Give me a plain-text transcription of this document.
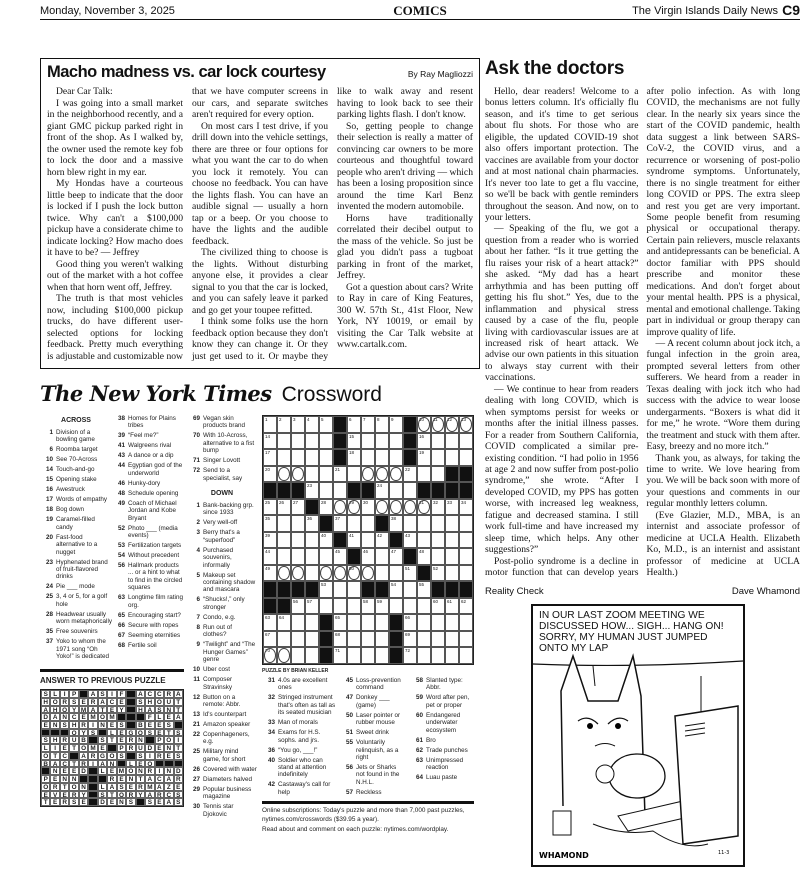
Monday, November 3, 2025	COMICS	The Virgin Islands Daily News C9
Macho madness vs. car lock courtesy	By Ray Magliozzi

Dear Car Talk:

I was going into a small market in the neighborhood recently, and a giant GMC pickup parked right in front of the shop. As I walked by, the owner used the remote key fob to lock the door and a massive horn blew right in my ear.

My Hondas have a courteous little beep to indicate that the door is locked if I push the lock button twice. Why can't a $100,000 pickup have a considerate chime to indicate locking? How macho does it have to be? — Jeffrey

Good thing you weren't walking out of the market with a hot coffee when that horn went off, Jeffrey.

The truth is that most vehicles now, including $100,000 pickup trucks, do have different user-selected options for locking feedback. Pretty much everything is adjustable and customizable now that we have computer screens in our cars, and separate switches aren't required for every option.

On most cars I test drive, if you drill down into the vehicle settings, there are three or four options for what you want the car to do when you lock it remotely. You can choose no feedback. You can have the lights flash. You can have an audible signal — usually a horn tap or a beep. Or you choose to have the lights and the audible feedback.

The civilized thing to choose is the lights. Without disturbing anyone else, it provides a clear signal to you that the car is locked, and you can safely leave it parked and go get your toupee refitted.

I think some folks use the horn feedback option because they don't know they can change it. Or they just get used to it. Or maybe they like to walk away and resent having to look back to see their parking lights flash. I don't know.

So, getting people to change their selection is really a matter of convincing car owners to be more courteous and thoughtful toward people who aren't driving — which has been a losing proposition since around the time Karl Benz invented the modern automobile.

Horns have traditionally correlated their decibel output to the mass of the vehicle. So just be glad you didn't pass a tugboat parking in front of the market, Jeffrey.

Got a question about cars? Write to Ray in care of King Features, 300 W. 57th St., 41st Floor, New York, NY 10019, or email by visiting the Car Talk website at www.cartalk.com.

The New York Times Crossword
ACROSS
1 Division of a bowling game
6 Roomba target
10 See 70-Across
14 Touch-and-go
15 Opening stake
16 Awestruck
17 Words of empathy
18 Bog down
19 Caramel-filled candy
20 Fast-food alternative to a nugget
23 Hyphenated brand of fruit-flavored drinks
24 Pie ___ mode
25 3, 4 or 5, for a golf hole
28 Headwear usually worn metaphorically
35 Free souvenirs
37 Yoko to whom the 1971 song “Oh Yoko!” is dedicated
38 Homes for Plains tribes
39 “Feel me?”
41 Walgreens rival
43 A dance or a dip
44 Egyptian god of the underworld
46 Hunky-dory
48 Schedule opening
49 Coach of Michael Jordan and Kobe Bryant
52 Photo ___ (media events)
53 Fertilization targets
54 Without precedent
56 Hallmark products ... or a hint to what to find in the circled squares
63 Longtime film rating org.
65 Encouraging start?
66 Secure with ropes
67 Seeming eternities
68 Fertile soil
ANSWER TO PREVIOUS PUZZLE
S L	I	P	A S	I	F	A C C R A
H O R S E R A C E	S H O U T
A H O Y M A T E Y	H A S N T
D A N C E M O M	F L E A
E N S H R I N E S	B E E S
O Y S	L E G O S E T S
S H R U B	S T E R N	P O I
L	I	E T O M E	P R U D E N T
O T C	A R G O S	S	I R E S
B A C T R I A N	L E O
N E E D	L E M O N R I N D
P E N N	R E N T A C A R
O R T O N	L A S E R M A Z E
E V E R Y	S T O R Y A R C S
T E R S E	D E N S	S E A S
69 Vegan skin products brand
70 With 10-Across, alternative to a fist bump
71 Singer Lovott
72 Send to a specialist, say
DOWN
1 Bank-backing grp. since 1933
2 Very well-off
3 Berry that's a “superfood”
4 Purchased souvenirs, informally
5 Makeup set containing shadow and mascara
6 “Shucks!,” only stronger
7 Condo, e.g.
8 Run out of clothes?
9 “Twilight” and “The Hunger Games” genre
10 Uber cost
11 Composer Stravinsky
12 Button on a remote: Abbr.
13 Id's counterpart
21 Amazon speaker
22 Copenhageners, e.g.
25 Military mind game, for short
26 Covered with water
27 Diameters halved
29 Popular business magazine
30 Tennis star Djokovic
1	2	3	4	5	6	7	8	9	10 11 12 13
14	15	16
17	18	19
20	21	22
23	24
25 26 27	28	29 30	31 32 33 34
35	36	37	38
39	40	41	42	43
44	45	46	47	48
49	50	51	52
53	54	55
56 57	58 59	60 61 62
63 64	65	66
67	68	69
70	71	72
PUZZLE BY BRIAN KELLER
31 4.0s are excellent ones
32 Stringed instrument that's often as tall as its seated musician
33 Man of morals
34 Exams for H.S. sophs. and jrs.
36 “You go, ___!”
40 Soldier who can stand at attention indefinitely
42 Castaway's call for help
45 Loss-prevention command
47 Donkey ___ (game)
50 Laser pointer or rubber mouse
51 Sweet drink
55 Voluntarily relinquish, as a right
56 Jets or Sharks not found in the N.H.L.
57 Reckless
58 Slanted type: Abbr.
59 Word after pen, pet or proper
60 Endangered underwater ecosystem
61 Bro
62 Trade punches
63 Unimpressed reaction
64 Luau paste
Online subscriptions: Today's puzzle and more than 7,000 past puzzles, nytimes.com/crosswords ($39.95 a year).
Read about and comment on each puzzle: nytimes.com/wordplay.
Ask the doctors

Hello, dear readers! Welcome to a bonus letters column. It's officially flu season, and it's time to get serious about flu shots. For those who are eligible, the updated COVID-19 shot also offers important protection. The vaccines are available from your doctor and at most national chain pharmacies. It's never too late to get a flu vaccine, so we'll be back with gentle reminders throughout the season. And now, on to your letters.

— Speaking of the flu, we got a question from a reader who is worried about her father. “Is it true getting the flu raises your risk of a heart attack?” she asked. “My dad has a heart arrhythmia and has been putting off getting his flu shot.” Yes, due to the inflammation and physical stress caused by a case of the flu, people living with cardiovascular issues are at increased risk of heart attack. We advise our own patients in this situation to always stay current with their vaccinations.

— We continue to hear from readers dealing with long COVID, which is when symptoms persist for weeks or months after the initial illness passes. For a reader from Southern California, COVID complicated a similar pre-existing condition. “I had polio in 1956 at age 2 and now suffer from post-polio syndrome,” she wrote. “After I developed COVID, my PPS has gotten worse, with increased leg weakness, fatigue and decreased stamina. I still work full-time and have increased my sleep time, which helps. Any other suggestions?”

Post-polio syndrome is a decline in motor function that can develop years after polio infection. As with long COVID, the mechanisms are not fully clear. In the nearly six years since the start of the COVID pandemic, health data suggest a link between SARS-CoV-2, the COVID virus, and a recurrence or worsening of post-polio syndrome symptoms. Unfortunately, there is no single treatment for either long COVID or PPS. The extra sleep and rest you get are very important. Some people benefit from resuming physical or occupational therapy. Certain pain relievers, muscle relaxants and antidepressants can be beneficial. A doctor familiar with PPS should prescribe and monitor these medications. And don't forget about your mental health. PPS is a physical, mental and emotional challenge. Taking part in individual or group therapy can improve quality of life.

— A recent column about jock itch, a fungal infection in the groin area, prompted several letters from other sufferers. We heard from a reader in Texas dealing with jock itch who had success with the advice to wear loose undergarments. “Boxers is what did it for me,” he wrote. “Wore them during the treatment and stuck with them after. Easy, breezy and no more itch.”

Thank you, as always, for taking the time to write. We love hearing from you. We will be back soon with more of your questions and comments in our regular monthly letters column.

(Eve Glazier, M.D., MBA, is an internist and associate professor of medicine at UCLA Health. Elizabeth Ko, M.D., is an internist and assistant professor of medicine at UCLA Health.)

Reality Check	Dave Whamond
IN OUR LAST ZOOM MEETING WE DISCUSSED HOW... SIGH... HANG ON! SORRY, MY HUMAN JUST JUMPED ONTO MY LAP
WHAMOND	11-3
